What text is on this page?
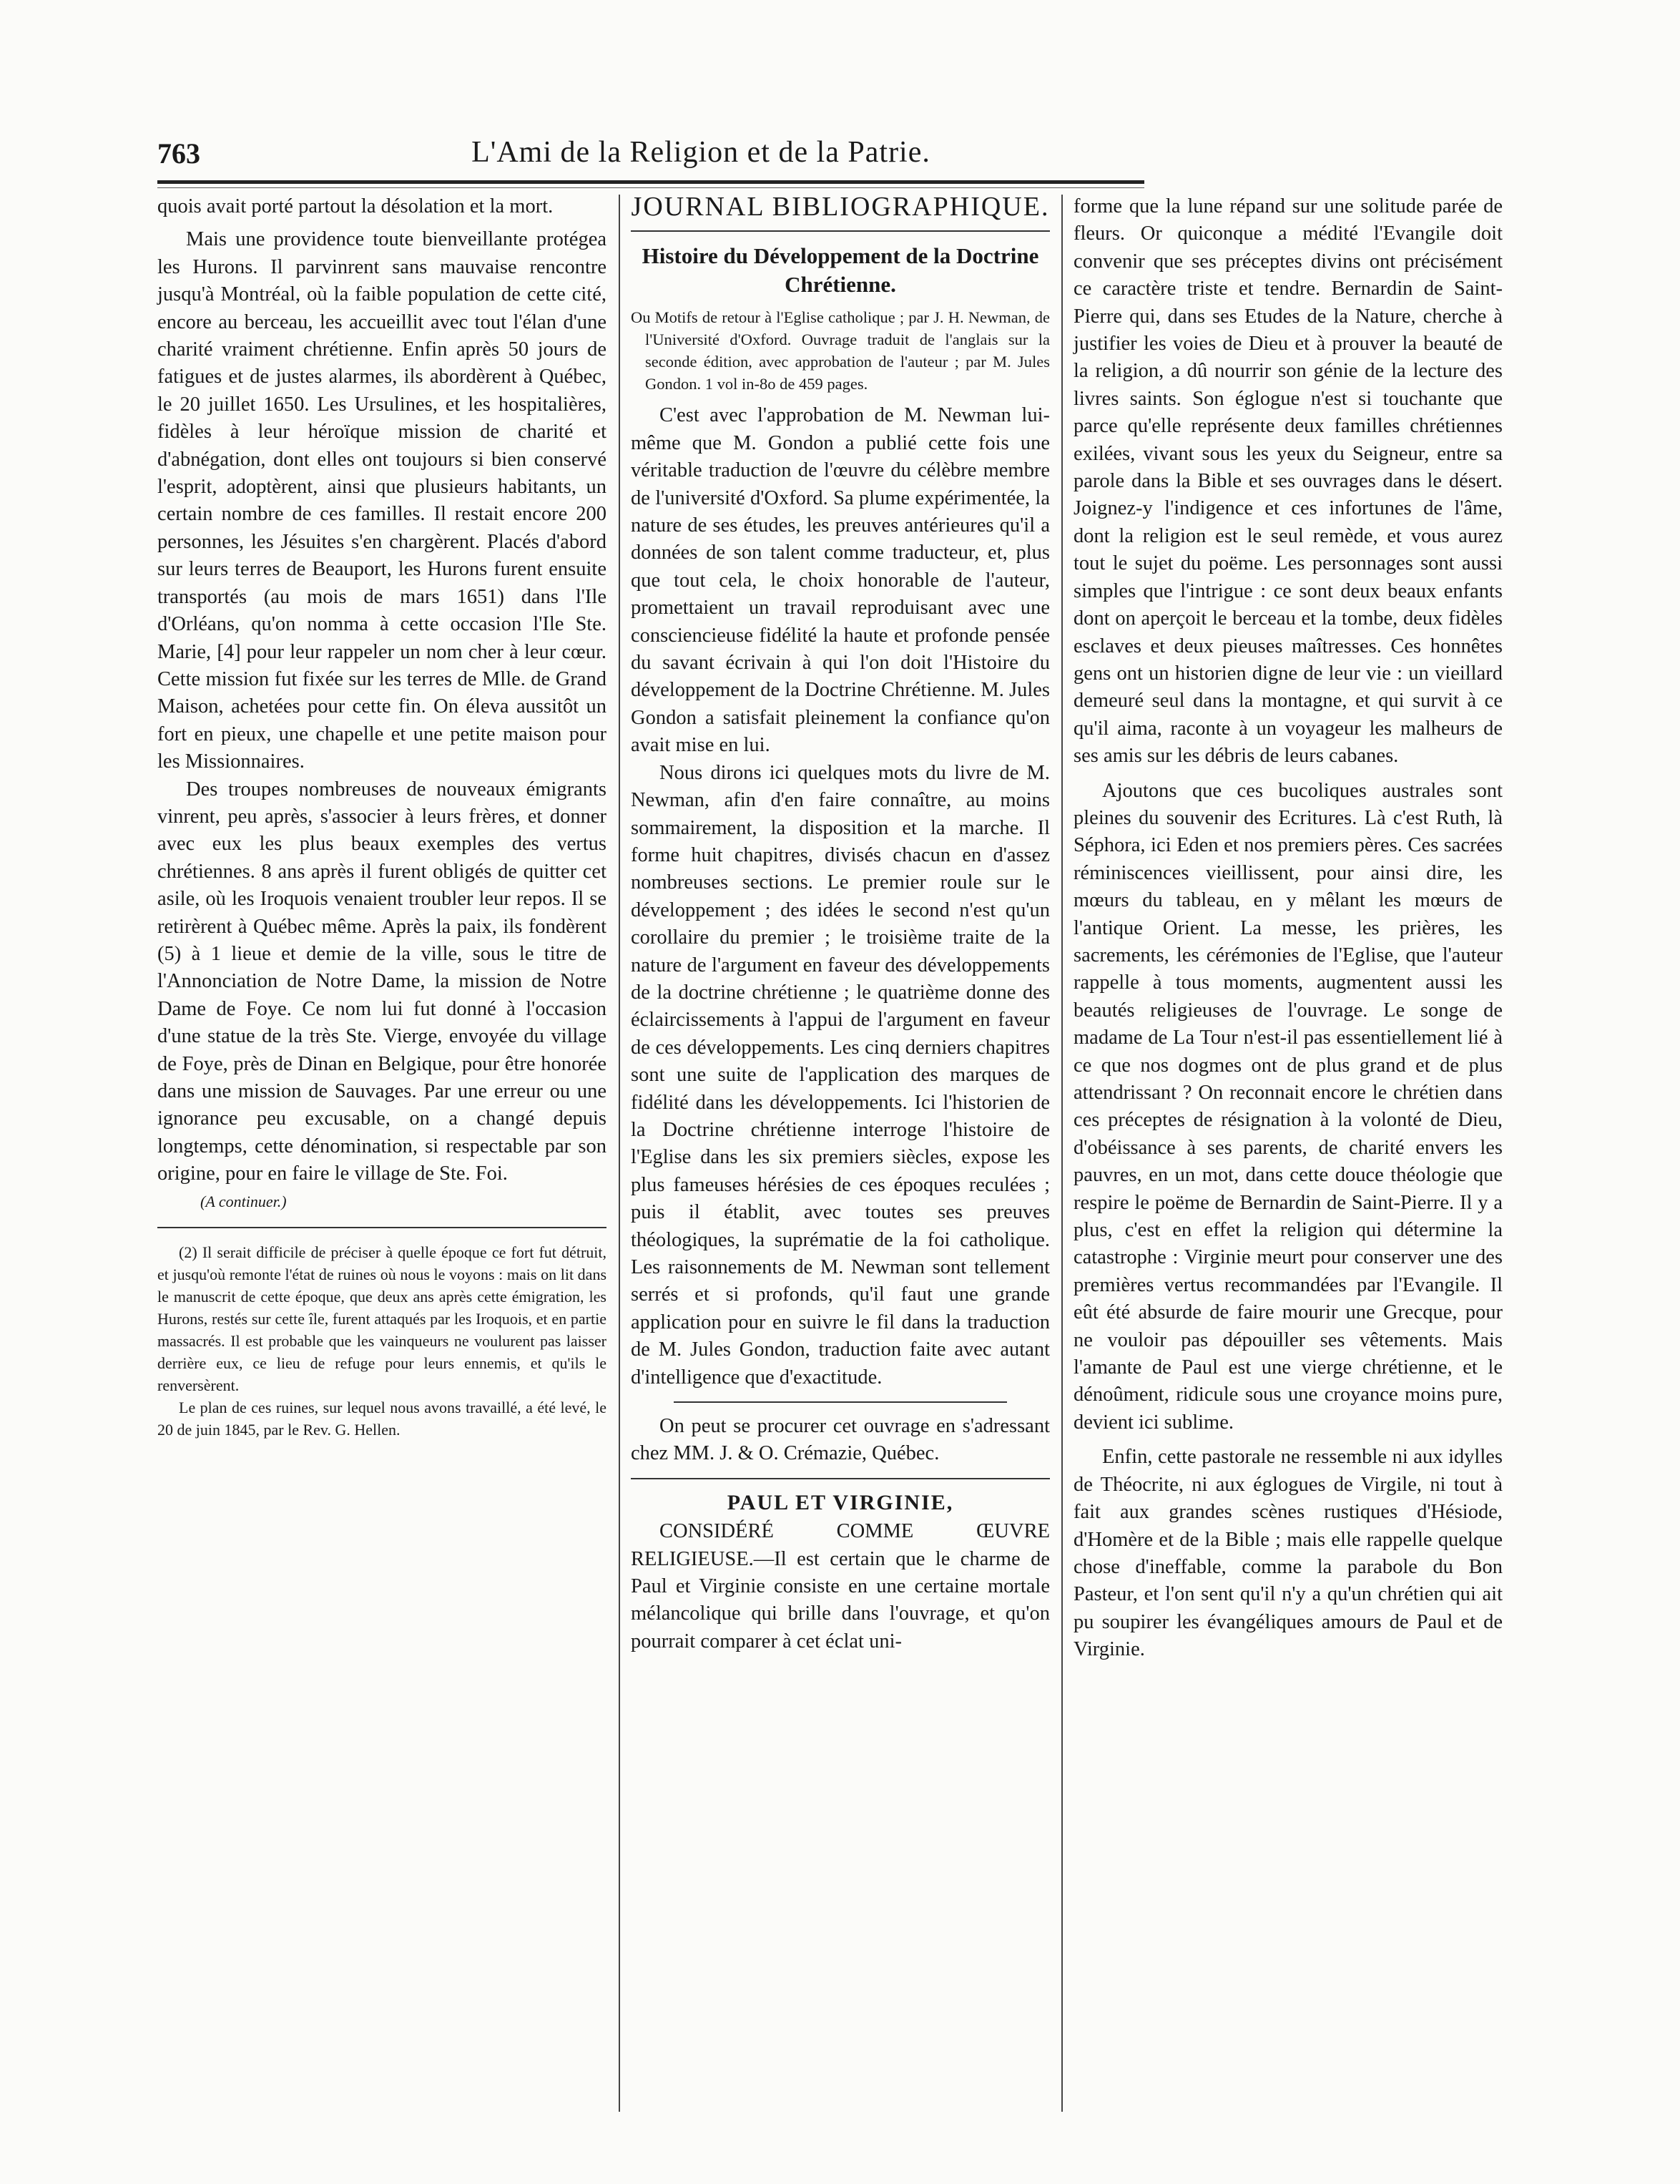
763	L'Ami de la Religion et de la Patrie.

quois avait porté partout la désolation et la mort.

Mais une providence toute bienveillante protégea les Hurons. Il parvinrent sans mauvaise rencontre jusqu'à Montréal, où la faible population de cette cité, encore au berceau, les accueillit avec tout l'élan d'une charité vraiment chrétienne. Enfin après 50 jours de fatigues et de justes alarmes, ils abordèrent à Québec, le 20 juillet 1650. Les Ursulines, et les hospitalières, fidèles à leur héroïque mission de charité et d'abnégation, dont elles ont toujours si bien conservé l'esprit, adoptèrent, ainsi que plusieurs habitants, un certain nombre de ces familles. Il restait encore 200 personnes, les Jésuites s'en chargèrent. Placés d'abord sur leurs terres de Beauport, les Hurons furent ensuite transportés (au mois de mars 1651) dans l'Ile d'Orléans, qu'on nomma à cette occasion l'Ile Ste. Marie, [4] pour leur rappeler un nom cher à leur cœur. Cette mission fut fixée sur les terres de Mlle. de Grand Maison, achetées pour cette fin. On éleva aussitôt un fort en pieux, une chapelle et une petite maison pour les Missionnaires.

Des troupes nombreuses de nouveaux émigrants vinrent, peu après, s'associer à leurs frères, et donner avec eux les plus beaux exemples des vertus chrétiennes. 8 ans après il furent obligés de quitter cet asile, où les Iroquois venaient troubler leur repos. Il se retirèrent à Québec même. Après la paix, ils fondèrent (5) à 1 lieue et demie de la ville, sous le titre de l'Annonciation de Notre Dame, la mission de Notre Dame de Foye. Ce nom lui fut donné à l'occasion d'une statue de la très Ste. Vierge, envoyée du village de Foye, près de Dinan en Belgique, pour être honorée dans une mission de Sauvages. Par une erreur ou une ignorance peu excusable, on a changé depuis longtemps, cette dénomination, si respectable par son origine, pour en faire le village de Ste. Foi.

(A continuer.)

(2) Il serait difficile de préciser à quelle époque ce fort fut détruit, et jusqu'où remonte l'état de ruines où nous le voyons : mais on lit dans le manuscrit de cette époque, que deux ans après cette émigration, les Hurons, restés sur cette île, furent attaqués par les Iroquois, et en partie massacrés. Il est probable que les vainqueurs ne voulurent pas laisser derrière eux, ce lieu de refuge pour leurs ennemis, et qu'ils le renversèrent.

Le plan de ces ruines, sur lequel nous avons travaillé, a été levé, le 20 de juin 1845, par le Rev. G. Hellen.

JOURNAL BIBLIOGRAPHIQUE.
Histoire du Développement de la Doctrine Chrétienne.
Ou Motifs de retour à l'Eglise catholique ; par J. H. Newman, de l'Université d'Oxford. Ouvrage traduit de l'anglais sur la seconde édition, avec approbation de l'auteur ; par M. Jules Gondon. 1 vol in-8o de 459 pages.

C'est avec l'approbation de M. Newman lui-même que M. Gondon a publié cette fois une véritable traduction de l'œuvre du célèbre membre de l'université d'Oxford. Sa plume expérimentée, la nature de ses études, les preuves antérieures qu'il a données de son talent comme traducteur, et, plus que tout cela, le choix honorable de l'auteur, promettaient un travail reproduisant avec une consciencieuse fidélité la haute et profonde pensée du savant écrivain à qui l'on doit l'Histoire du développement de la Doctrine Chrétienne. M. Jules Gondon a satisfait pleinement la confiance qu'on avait mise en lui.

Nous dirons ici quelques mots du livre de M. Newman, afin d'en faire connaître, au moins sommairement, la disposition et la marche. Il forme huit chapitres, divisés chacun en d'assez nombreuses sections. Le premier roule sur le développement ; des idées le second n'est qu'un corollaire du premier ; le troisième traite de la nature de l'argument en faveur des développements de la doctrine chrétienne ; le quatrième donne des éclaircissements à l'appui de l'argument en faveur de ces développements. Les cinq derniers chapitres sont une suite de l'application des marques de fidélité dans les développements. Ici l'historien de la Doctrine chrétienne interroge l'histoire de l'Eglise dans les six premiers siècles, expose les plus fameuses hérésies de ces époques reculées ; puis il établit, avec toutes ses preuves théologiques, la suprématie de la foi catholique. Les raisonnements de M. Newman sont tellement serrés et si profonds, qu'il faut une grande application pour en suivre le fil dans la traduction de M. Jules Gondon, traduction faite avec autant d'intelligence que d'exactitude.

On peut se procurer cet ouvrage en s'adressant chez MM. J. & O. Crémazie, Québec.

PAUL ET VIRGINIE,

CONSIDÉRÉ COMME ŒUVRE RELIGIEUSE.—Il est certain que le charme de Paul et Virginie consiste en une certaine mortale mélancolique qui brille dans l'ouvrage, et qu'on pourrait comparer à cet éclat uni-

forme que la lune répand sur une solitude parée de fleurs. Or quiconque a médité l'Evangile doit convenir que ses préceptes divins ont précisément ce caractère triste et tendre. Bernardin de Saint-Pierre qui, dans ses Etudes de la Nature, cherche à justifier les voies de Dieu et à prouver la beauté de la religion, a dû nourrir son génie de la lecture des livres saints. Son églogue n'est si touchante que parce qu'elle représente deux familles chrétiennes exilées, vivant sous les yeux du Seigneur, entre sa parole dans la Bible et ses ouvrages dans le désert. Joignez-y l'indigence et ces infortunes de l'âme, dont la religion est le seul remède, et vous aurez tout le sujet du poëme. Les personnages sont aussi simples que l'intrigue : ce sont deux beaux enfants dont on aperçoit le berceau et la tombe, deux fidèles esclaves et deux pieuses maîtresses. Ces honnêtes gens ont un historien digne de leur vie : un vieillard demeuré seul dans la montagne, et qui survit à ce qu'il aima, raconte à un voyageur les malheurs de ses amis sur les débris de leurs cabanes.

Ajoutons que ces bucoliques australes sont pleines du souvenir des Ecritures. Là c'est Ruth, là Séphora, ici Eden et nos premiers pères. Ces sacrées réminiscences vieillissent, pour ainsi dire, les mœurs du tableau, en y mêlant les mœurs de l'antique Orient. La messe, les prières, les sacrements, les cérémonies de l'Eglise, que l'auteur rappelle à tous moments, augmentent aussi les beautés religieuses de l'ouvrage. Le songe de madame de La Tour n'est-il pas essentiellement lié à ce que nos dogmes ont de plus grand et de plus attendrissant ? On reconnait encore le chrétien dans ces préceptes de résignation à la volonté de Dieu, d'obéissance à ses parents, de charité envers les pauvres, en un mot, dans cette douce théologie que respire le poëme de Bernardin de Saint-Pierre. Il y a plus, c'est en effet la religion qui détermine la catastrophe : Virginie meurt pour conserver une des premières vertus recommandées par l'Evangile. Il eût été absurde de faire mourir une Grecque, pour ne vouloir pas dépouiller ses vêtements. Mais l'amante de Paul est une vierge chrétienne, et le dénoûment, ridicule sous une croyance moins pure, devient ici sublime.

Enfin, cette pastorale ne ressemble ni aux idylles de Théocrite, ni aux églogues de Virgile, ni tout à fait aux grandes scènes rustiques d'Hésiode, d'Homère et de la Bible ; mais elle rappelle quelque chose d'ineffable, comme la parabole du Bon Pasteur, et l'on sent qu'il n'y a qu'un chrétien qui ait pu soupirer les évangéliques amours de Paul et de Virginie.
